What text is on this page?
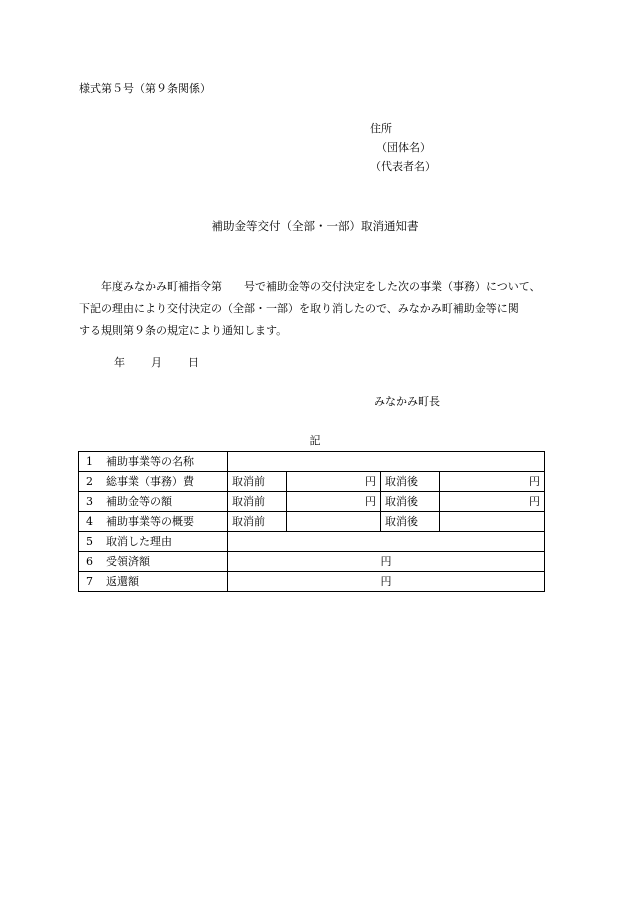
様式第５号（第９条関係）
住所
（団体名）
（代表者名）
補助金等交付（全部・一部）取消通知書

　　年度みなかみ町補指令第　　号で補助金等の交付決定をした次の事業（事務）について、

下記の理由により交付決定の（全部・一部）を取り消したので、みなかみ町補助金等に関

する規則第９条の規定により通知します。

年 月 日
みなかみ町長
記
1 補助事業等の名称				
2 総事業（事務）費	取消前	円	取消後	円
3 補助金等の額	取消前	円	取消後	円
4 補助事業等の概要	取消前		取消後	
5 取消した理由				
6 受領済額	円			
7 返還額	円			
